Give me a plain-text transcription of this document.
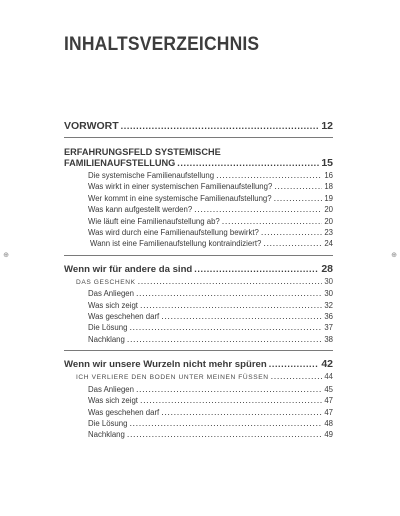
INHALTSVERZEICHNIS
VORWORT .....	12
ERFAHRUNGSFELD SYSTEMISCHE
FAMILIENAUFSTELLUNG .....	15
Die systemische Familienaufstellung .....	16
Was wirkt in einer systemischen Familienaufstellung? .....	18
Wer kommt in eine systemische Familienaufstellung? .....	19
Was kann aufgestellt werden? .....	20
Wie läuft eine Familienaufstellung ab? .....	20
Was wird durch eine Familienaufstellung bewirkt? .....	23
Wann ist eine Familienaufstellung kontraindiziert? .....	24
Wenn wir für andere da sind .....	28
DAS GESCHENK .....	30
Das Anliegen .....	30
Was sich zeigt .....	32
Was geschehen darf .....	36
Die Lösung .....	37
Nachklang .....	38
Wenn wir unsere Wurzeln nicht mehr spüren .....	42
ICH VERLIERE DEN BODEN UNTER MEINEN FÜSSEN .....	44
Das Anliegen .....	45
Was sich zeigt .....	47
Was geschehen darf .....	47
Die Lösung .....	48
Nachklang .....	49
⊕	⊕
